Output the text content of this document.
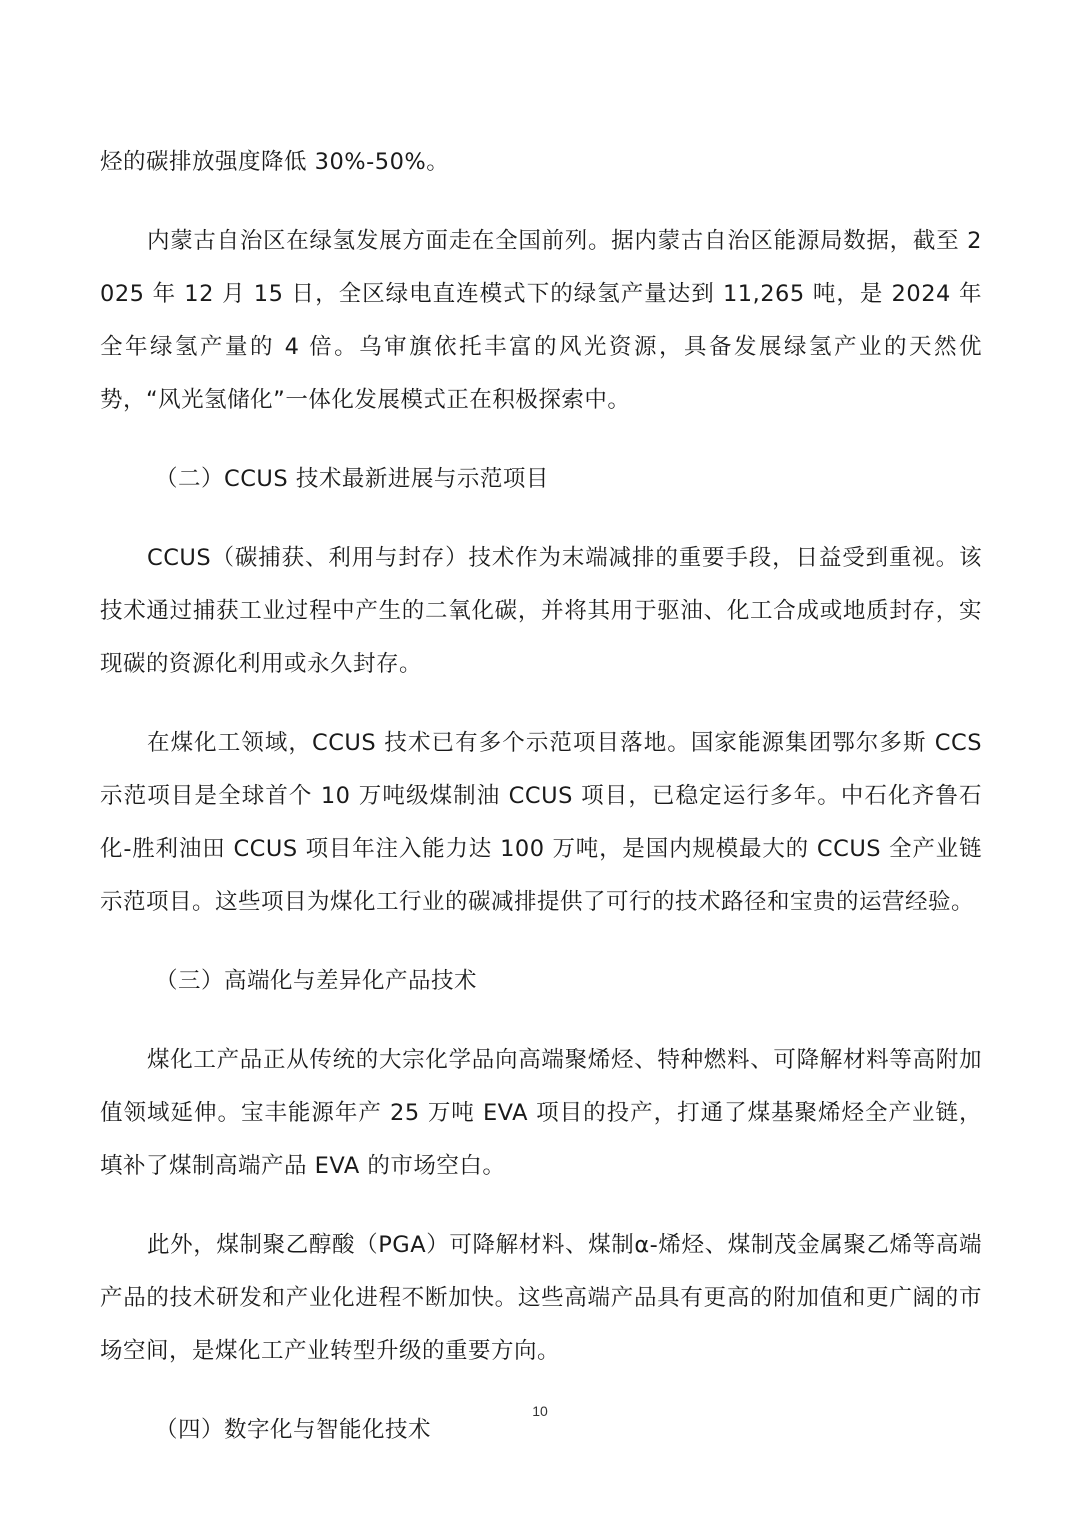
烃的碳排放强度降低 30%-50%。

内蒙古自治区在绿氢发展方面走在全国前列。据内蒙古自治区能源局数据，截至 2025 年 12 月 15 日，全区绿电直连模式下的绿氢产量达到 11,265 吨，是 2024 年全年绿氢产量的 4 倍。乌审旗依托丰富的风光资源，具备发展绿氢产业的天然优势，“风光氢储化”一体化发展模式正在积极探索中。

（二）CCUS 技术最新进展与示范项目

CCUS（碳捕获、利用与封存）技术作为末端减排的重要手段，日益受到重视。该技术通过捕获工业过程中产生的二氧化碳，并将其用于驱油、化工合成或地质封存，实现碳的资源化利用或永久封存。

在煤化工领域，CCUS 技术已有多个示范项目落地。国家能源集团鄂尔多斯 CCS 示范项目是全球首个 10 万吨级煤制油 CCUS 项目，已稳定运行多年。中石化齐鲁石化-胜利油田 CCUS 项目年注入能力达 100 万吨，是国内规模最大的 CCUS 全产业链示范项目。这些项目为煤化工行业的碳减排提供了可行的技术路径和宝贵的运营经验。

（三）高端化与差异化产品技术

煤化工产品正从传统的大宗化学品向高端聚烯烃、特种燃料、可降解材料等高附加值领域延伸。宝丰能源年产 25 万吨 EVA 项目的投产，打通了煤基聚烯烃全产业链，填补了煤制高端产品 EVA 的市场空白。

此外，煤制聚乙醇酸（PGA）可降解材料、煤制α-烯烃、煤制茂金属聚乙烯等高端产品的技术研发和产业化进程不断加快。这些高端产品具有更高的附加值和更广阔的市场空间，是煤化工产业转型升级的重要方向。

（四）数字化与智能化技术

10
